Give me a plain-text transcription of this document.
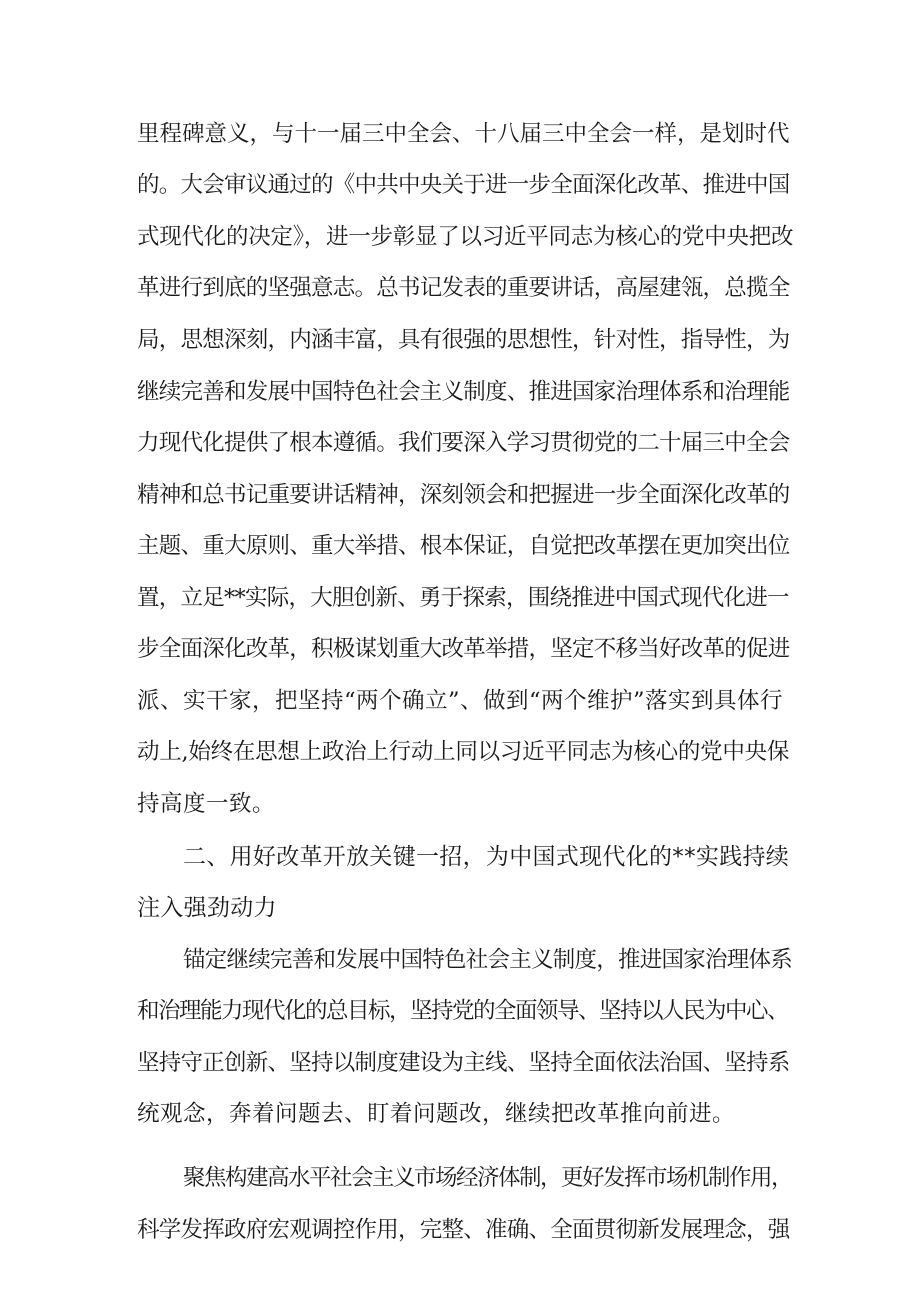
里程碑意义，与十一届三中全会、十八届三中全会一样，是划时代
的。大会审议通过的《中共中央关于进一步全面深化改革、推进中国
式现代化的决定》，进一步彰显了以习近平同志为核心的党中央把改
革进行到底的坚强意志。总书记发表的重要讲话，高屋建瓴，总揽全
局，思想深刻，内涵丰富，具有很强的思想性，针对性，指导性，为
继续完善和发展中国特色社会主义制度、推进国家治理体系和治理能
力现代化提供了根本遵循。我们要深入学习贯彻党的二十届三中全会
精神和总书记重要讲话精神，深刻领会和把握进一步全面深化改革的
主题、重大原则、重大举措、根本保证，自觉把改革摆在更加突出位
置，立足**实际，大胆创新、勇于探索，围绕推进中国式现代化进一
步全面深化改革，积极谋划重大改革举措，坚定不移当好改革的促进
派、实干家，把坚持“两个确立”、做到“两个维护”落实到具体行
动上,始终在思想上政治上行动上同以习近平同志为核心的党中央保
持高度一致。
二、用好改革开放关键一招，为中国式现代化的**实践持续
注入强劲动力
锚定继续完善和发展中国特色社会主义制度，推进国家治理体系
和治理能力现代化的总目标，坚持党的全面领导、坚持以人民为中心、
坚持守正创新、坚持以制度建设为主线、坚持全面依法治国、坚持系
统观念，奔着问题去、盯着问题改，继续把改革推向前进。
聚焦构建高水平社会主义市场经济体制，更好发挥市场机制作用，
科学发挥政府宏观调控作用，完整、准确、全面贯彻新发展理念，强
